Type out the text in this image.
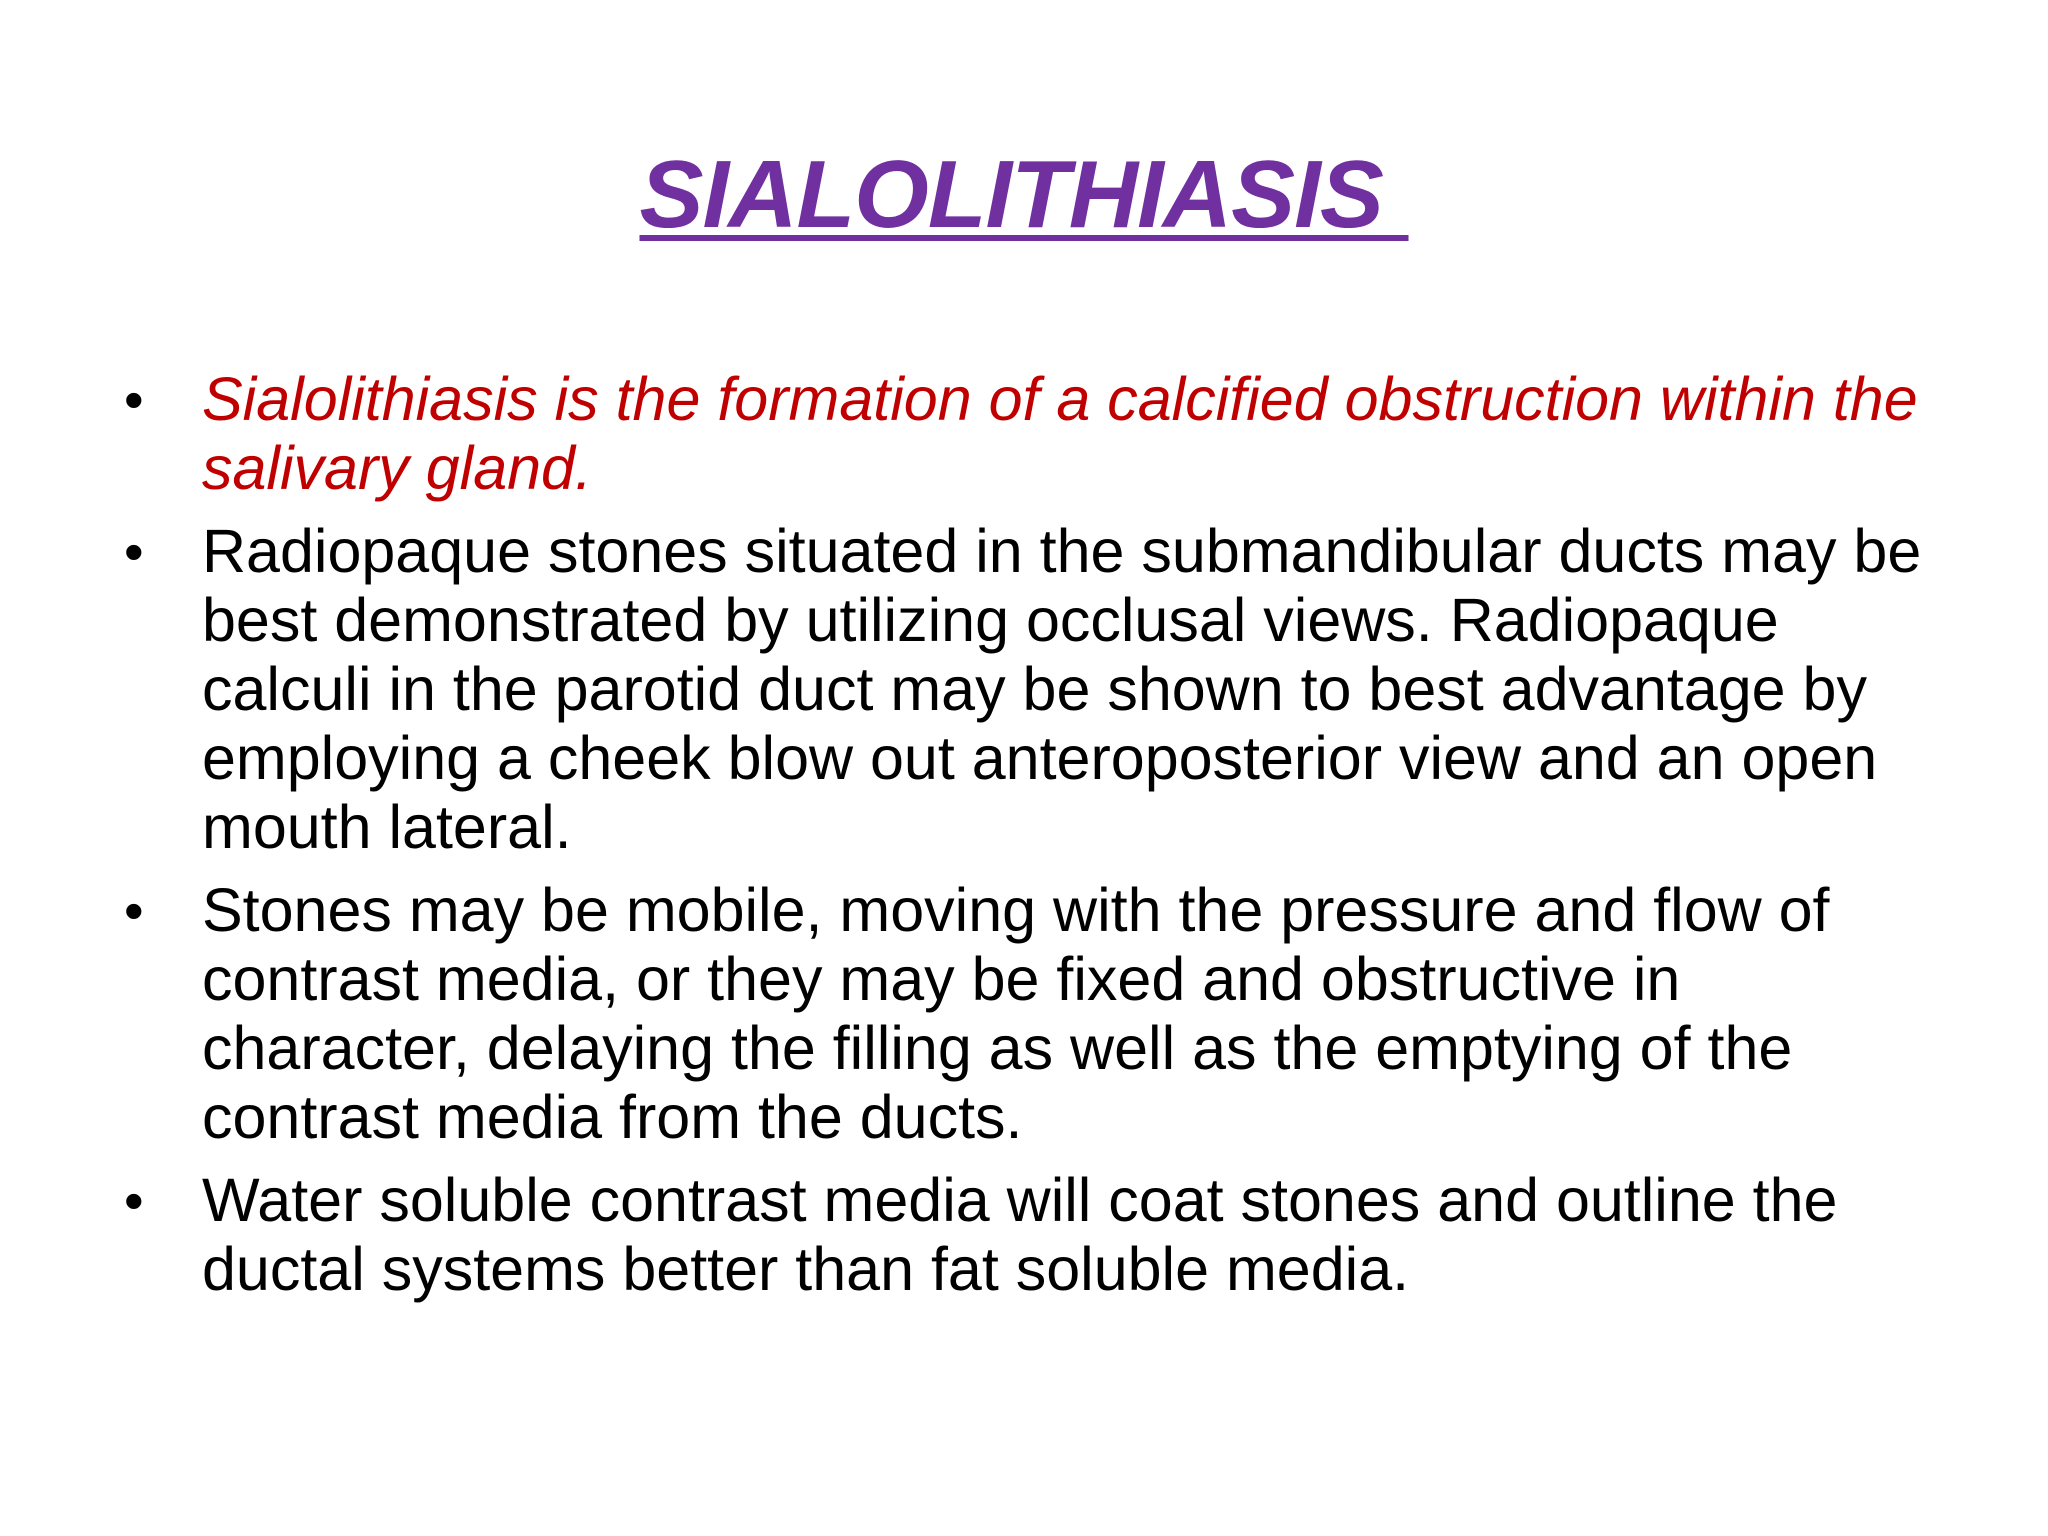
SIALOLITHIASIS
• Sialolithiasis is the formation of a calcified obstruction within the salivary gland.
• Radiopaque stones situated in the submandibular ducts may be best demonstrated by utilizing occlusal views. Radiopaque calculi in the parotid duct may be shown to best advantage by employing a cheek blow out anteroposterior view and an open mouth lateral.
• Stones may be mobile, moving with the pressure and flow of contrast media, or they may be fixed and obstructive in character, delaying the filling as well as the emptying of the contrast media from the ducts.
• Water soluble contrast media will coat stones and outline the ductal systems better than fat soluble media.
